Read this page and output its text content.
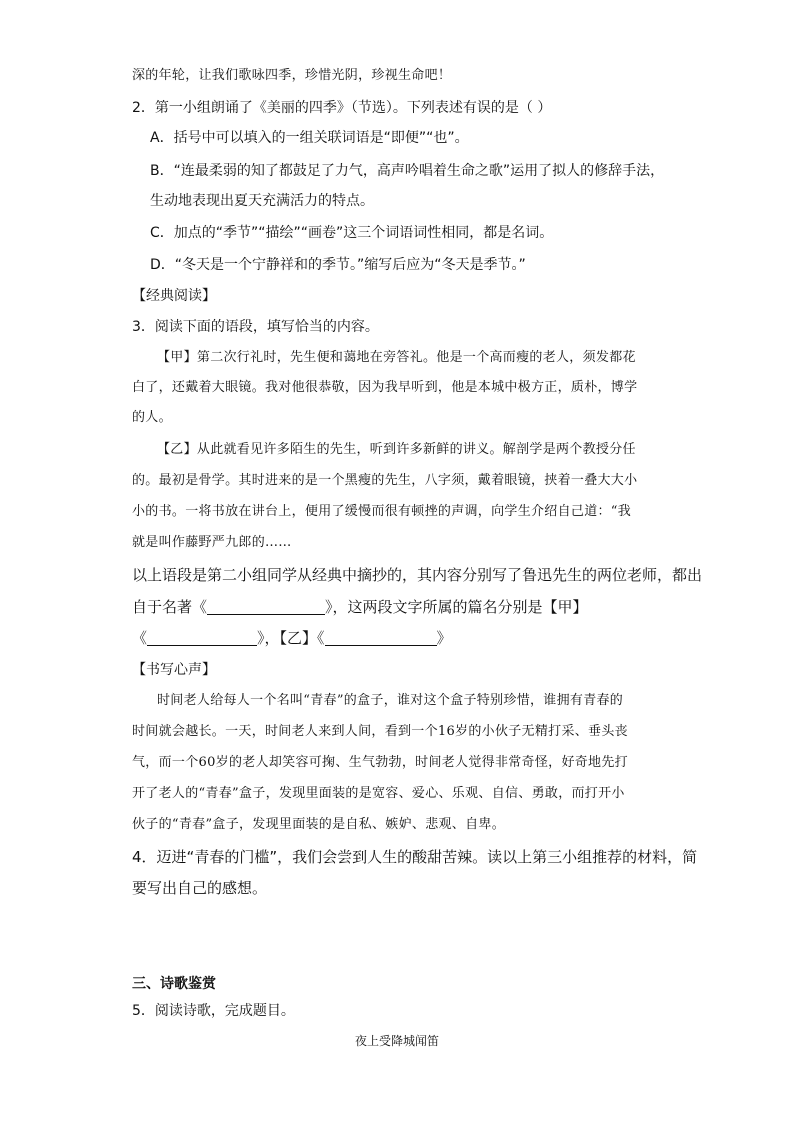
深的年轮，让我们歌咏四季，珍惜光阴，珍视生命吧！
2．第一小组朗诵了《美丽的四季》（节选）。下列表述有误的是（ ）
A．括号中可以填入的一组关联词语是“即便”“也”。
B．“连最柔弱的知了都鼓足了力气，高声吟唱着生命之歌”运用了拟人的修辞手法，
生动地表现出夏天充满活力的特点。
C．加点的“季节”“描绘”“画卷”这三个词语词性相同，都是名词。
D．“冬天是一个宁静祥和的季节。”缩写后应为“冬天是季节。”
【经典阅读】
3．阅读下面的语段，填写恰当的内容。
【甲】第二次行礼时，先生便和蔼地在旁答礼。他是一个高而瘦的老人，须发都花
白了，还戴着大眼镜。我对他很恭敬，因为我早听到，他是本城中极方正，质朴，博学
的人。
【乙】从此就看见许多陌生的先生，听到许多新鲜的讲义。解剖学是两个教授分任
的。最初是骨学。其时进来的是一个黑瘦的先生，八字须，戴着眼镜，挟着一叠大大小
小的书。一将书放在讲台上，便用了缓慢而很有顿挫的声调，向学生介绍自己道：“我
就是叫作藤野严九郎的……
以上语段是第二小组同学从经典中摘抄的，其内容分别写了鲁迅先生的两位老师，都出
自于名著《	》，这两段文字所属的篇名分别是【甲】
《	》，【乙】《	》
【书写心声】
时间老人给每人一个名叫“青春”的盒子，谁对这个盒子特别珍惜，谁拥有青春的
时间就会越长。一天，时间老人来到人间，看到一个16岁的小伙子无精打采、垂头丧
气，而一个60岁的老人却笑容可掬、生气勃勃，时间老人觉得非常奇怪，好奇地先打
开了老人的“青春”盒子，发现里面装的是宽容、爱心、乐观、自信、勇敢，而打开小
伙子的“青春”盒子，发现里面装的是自私、嫉妒、悲观、自卑。
4．迈进“青春的门槛”，我们会尝到人生的酸甜苦辣。读以上第三小组推荐的材料，简
要写出自己的感想。
三、诗歌鉴赏
5．阅读诗歌，完成题目。
夜上受降城闻笛
